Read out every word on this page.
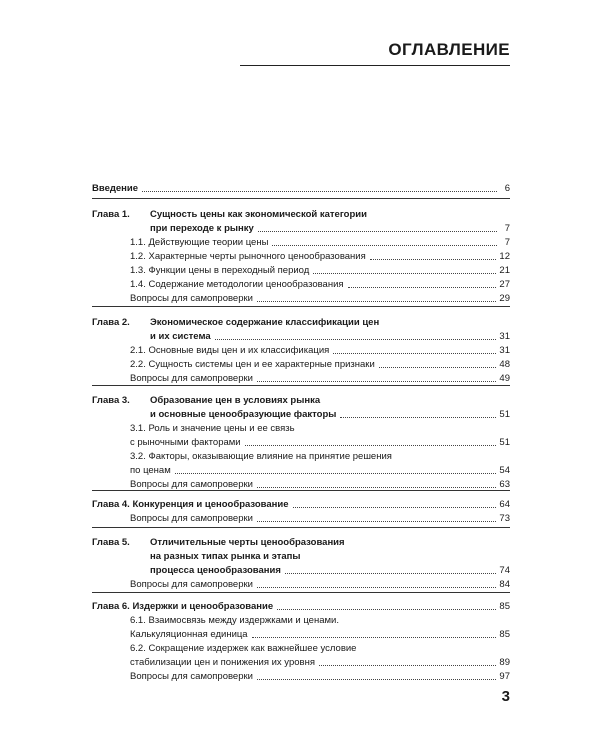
ОГЛАВЛЕНИЕ
Введение	6
Глава 1. Сущность цены как экономической категории
при переходе к рынку	7
1.1. Действующие теории цены	7
1.2. Характерные черты рыночного ценообразования	12
1.3. Функции цены в переходный период	21
1.4. Содержание методологии ценообразования	27
Вопросы для самопроверки	29
Глава 2. Экономическое содержание классификации цен
и их система	31
2.1. Основные виды цен и их классификация	31
2.2. Сущность системы цен и ее характерные признаки	48
Вопросы для самопроверки	49
Глава 3. Образование цен в условиях рынка
и основные ценообразующие факторы	51
3.1. Роль и значение цены и ее связь
с рыночными факторами	51
3.2. Факторы, оказывающие влияние на принятие решения
по ценам	54
Вопросы для самопроверки	63
Глава 4. Конкуренция и ценообразование	64
Вопросы для самопроверки	73
Глава 5. Отличительные черты ценообразования
на разных типах рынка и этапы
процесса ценообразования	74
Вопросы для самопроверки	84
Глава 6. Издержки и ценообразование	85
6.1. Взаимосвязь между издержками и ценами.
Калькуляционная единица	85
6.2. Сокращение издержек как важнейшее условие
стабилизации цен и понижения их уровня	89
Вопросы для самопроверки	97
3
